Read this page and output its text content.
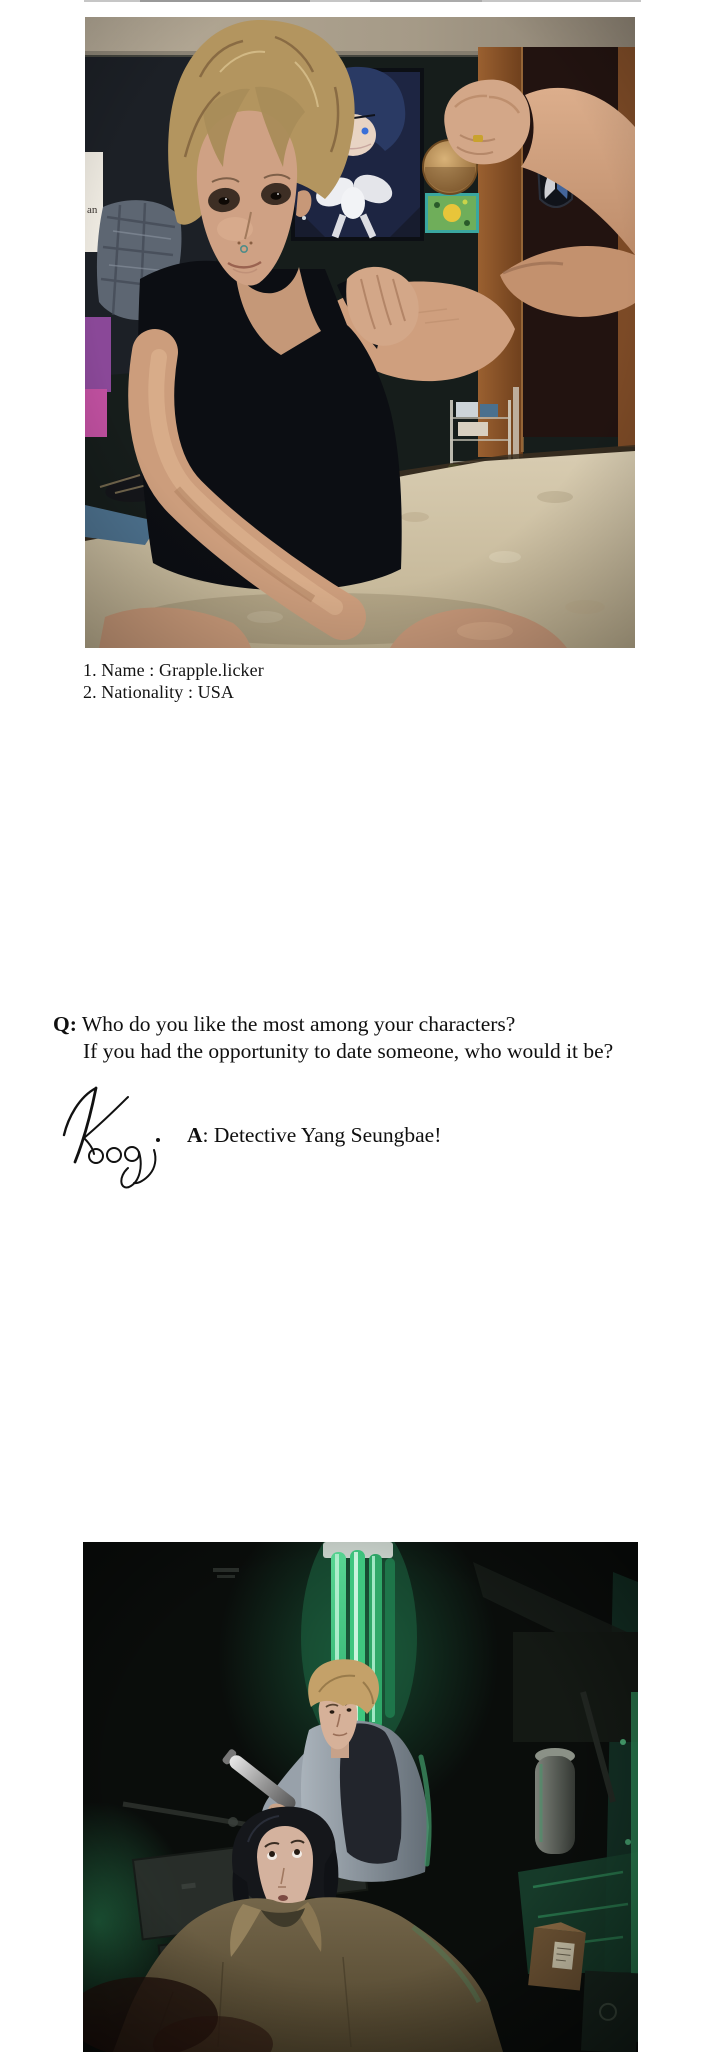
1. Name : Grapple.licker
2. Nationality : USA
Q: Who do you like the most among your characters?
If you had the opportunity to date someone, who would it be?
A: Detective Yang Seungbae!
